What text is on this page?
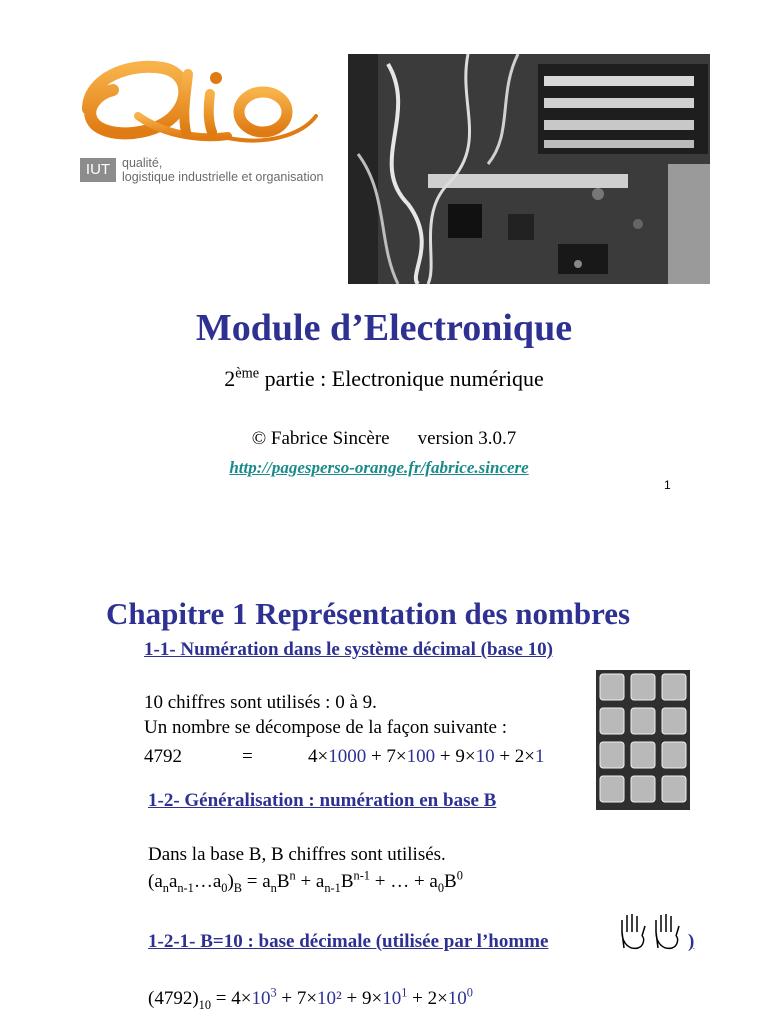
IUT qualité,
logistique industrielle et organisation
Module d’Electronique
2ème partie : Electronique numérique
© Fabrice Sincère version 3.0.7
http://pagesperso-orange.fr/fabrice.sincere
1
Chapitre 1 Représentation des nombres
1-1- Numération dans le système décimal (base 10)
10 chiffres sont utilisés : 0 à 9.
Un nombre se décompose de la façon suivante :
4792	=	4×1000 + 7×100 + 9×10 + 2×1
1-2- Généralisation : numération en base B
Dans la base B, B chiffres sont utilisés.
$(a_na_{n-1}\dots a_0)_B = a_nB^n + a_{n-1}B^{n-1}$ + … + $a_0B^0$
1-2-1- B=10 : base décimale (utilisée par l’homme	)
$(4792)_{10} = 4\times 10^3 + 7\times 10^2 + 9\times 10^1 + 2\times 10^0$
